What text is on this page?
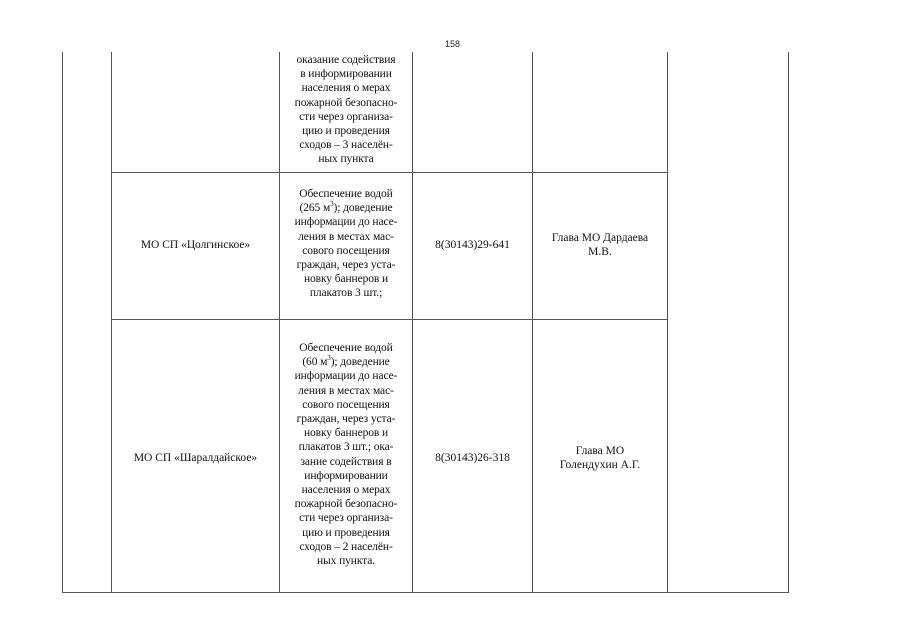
158
оказание содействия
в информировании
населения о мерах
пожарной безопасно-
сти через организа-
цию и проведения
сходов – 3 населён-
ных пункта
МО СП «Цолгинское»
Обеспечение водой
(265 $м^3$); доведение
информации до насе-
ления в местах мас-
сового посещения
граждан, через уста-
новку баннеров и
плакатов 3 шт.;
8(30143)29-641
Глава МО Дардаева М.В.
МО СП «Шаралдайское»
Обеспечение водой
(60 $м^3$); доведение
информации до насе-
ления в местах мас-
сового посещения
граждан, через уста-
новку баннеров и
плакатов 3 шт.; ока-
зание содействия в
информировании
населения о мерах
пожарной безопасно-
сти через организа-
цию и проведения
сходов – 2 населён-
ных пункта.
8(30143)26-318
Глава МО Голендухин А.Г.
